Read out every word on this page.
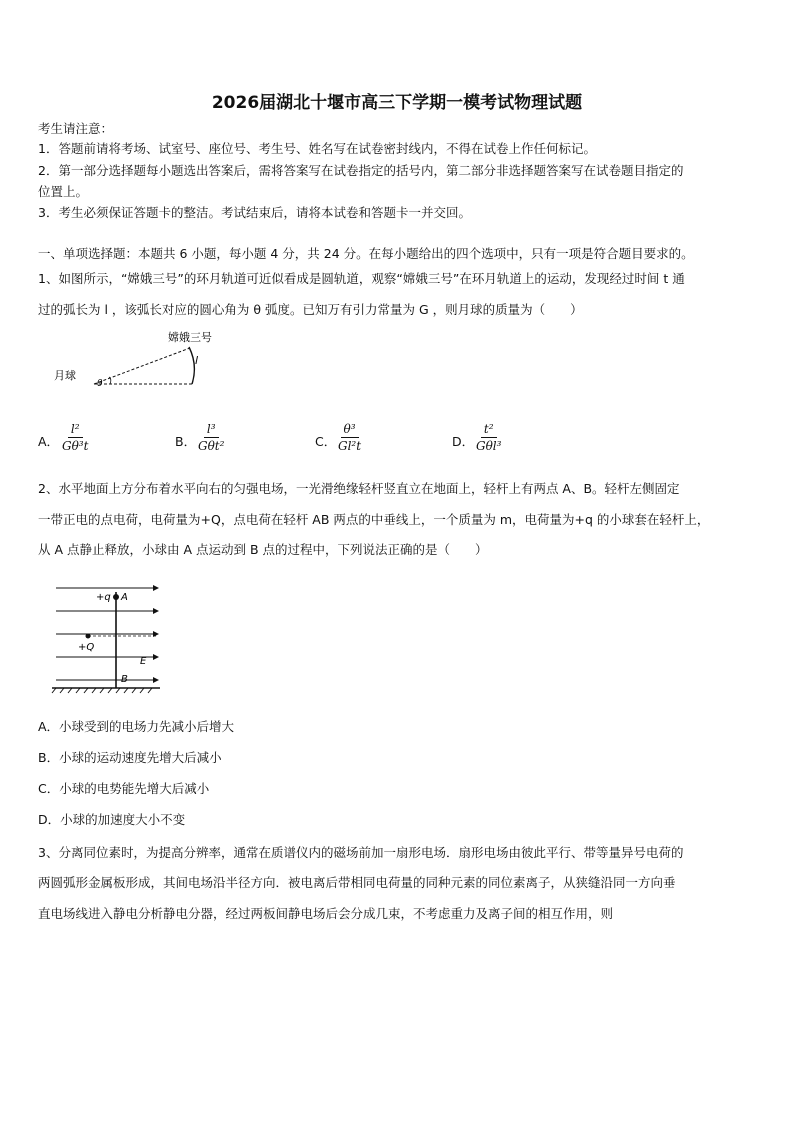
2026届湖北十堰市高三下学期一模考试物理试题
考生请注意：
1．答题前请将考场、试室号、座位号、考生号、姓名写在试卷密封线内，不得在试卷上作任何标记。
2．第一部分选择题每小题选出答案后，需将答案写在试卷指定的括号内，第二部分非选择题答案写在试卷题目指定的
位置上。
3．考生必须保证答题卡的整洁。考试结束后，请将本试卷和答题卡一并交回。
一、单项选择题：本题共 6 小题，每小题 4 分，共 24 分。在每小题给出的四个选项中，只有一项是符合题目要求的。
1、如图所示，“嫦娥三号”的环月轨道可近似看成是圆轨道，观察“嫦娥三号”在环月轨道上的运动，发现经过时间 t 通
过的弧长为 l ，该弧长对应的圆心角为 θ 弧度。已知万有引力常量为 G ，则月球的质量为（　　）
月球
嫦娥三号
l
θ
A． $\frac{\text{l²}}{\text{Gθ³t}}$	B．
l³
Gθt²	C． $\frac{\text{θ³}}{\text{Gl²t}}$	D．
t²
Gθl³
2、水平地面上方分布着水平向右的匀强电场，一光滑绝缘轻杆竖直立在地面上，轻杆上有两点 A、B。轻杆左侧固定
一带正电的点电荷，电荷量为+Q，点电荷在轻杆 AB 两点的中垂线上，一个质量为 m，电荷量为+q 的小球套在轻杆上，
从 A 点静止释放，小球由 A 点运动到 B 点的过程中，下列说法正确的是（　　）
+q A
+Q
E
B
A．小球受到的电场力先减小后增大
B．小球的运动速度先增大后减小
C．小球的电势能先增大后减小
D．小球的加速度大小不变
3、分离同位素时，为提高分辨率，通常在质谱仪内的磁场前加一扇形电场．扇形电场由彼此平行、带等量异号电荷的
两圆弧形金属板形成，其间电场沿半径方向．被电离后带相同电荷量的同种元素的同位素离子，从狭缝沿同一方向垂
直电场线进入静电分析静电分器，经过两板间静电场后会分成几束，不考虑重力及离子间的相互作用，则
